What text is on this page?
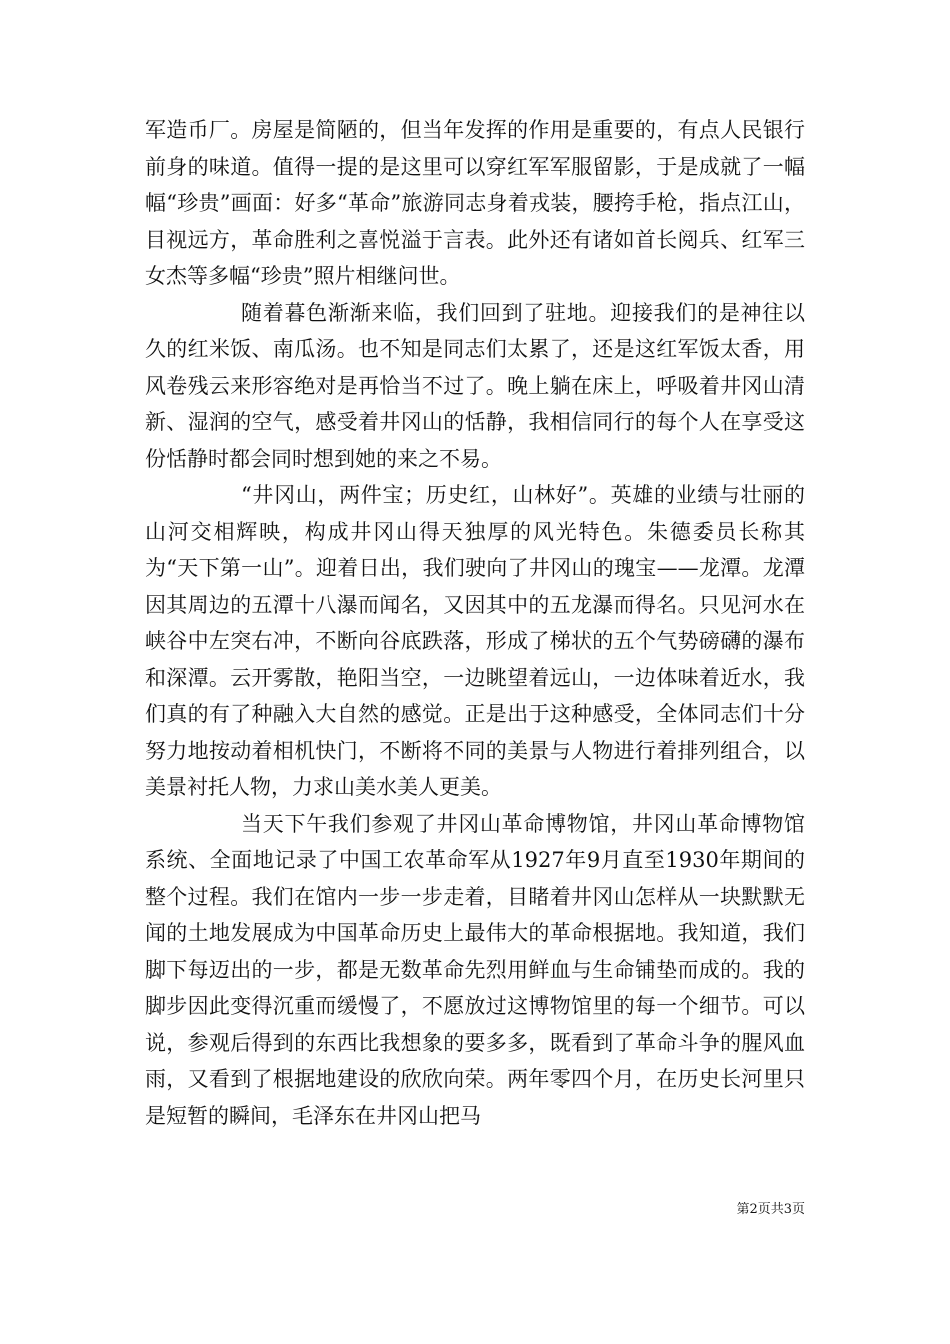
军造币厂。房屋是简陋的，但当年发挥的作用是重要的，有点人民银行前身的味道。值得一提的是这里可以穿红军军服留影，于是成就了一幅幅“珍贵”画面：好多“革命”旅游同志身着戎装，腰挎手枪，指点江山，目视远方，革命胜利之喜悦溢于言表。此外还有诸如首长阅兵、红军三女杰等多幅“珍贵”照片相继问世。

随着暮色渐渐来临，我们回到了驻地。迎接我们的是神往以久的红米饭、南瓜汤。也不知是同志们太累了，还是这红军饭太香，用风卷残云来形容绝对是再恰当不过了。晚上躺在床上，呼吸着井冈山清新、湿润的空气，感受着井冈山的恬静，我相信同行的每个人在享受这份恬静时都会同时想到她的来之不易。

“井冈山，两件宝；历史红，山林好”。英雄的业绩与壮丽的山河交相辉映，构成井冈山得天独厚的风光特色。朱德委员长称其为“天下第一山”。迎着日出，我们驶向了井冈山的瑰宝——龙潭。龙潭因其周边的五潭十八瀑而闻名，又因其中的五龙瀑而得名。只见河水在峡谷中左突右冲，不断向谷底跌落，形成了梯状的五个气势磅礴的瀑布和深潭。云开雾散，艳阳当空，一边眺望着远山，一边体味着近水，我们真的有了种融入大自然的感觉。正是出于这种感受，全体同志们十分努力地按动着相机快门，不断将不同的美景与人物进行着排列组合，以美景衬托人物，力求山美水美人更美。

当天下午我们参观了井冈山革命博物馆，井冈山革命博物馆系统、全面地记录了中国工农革命军从1927年9月直至1930年期间的整个过程。我们在馆内一步一步走着，目睹着井冈山怎样从一块默默无闻的土地发展成为中国革命历史上最伟大的革命根据地。我知道，我们脚下每迈出的一步，都是无数革命先烈用鲜血与生命铺垫而成的。我的脚步因此变得沉重而缓慢了，不愿放过这博物馆里的每一个细节。可以说，参观后得到的东西比我想象的要多多，既看到了革命斗争的腥风血雨，又看到了根据地建设的欣欣向荣。两年零四个月，在历史长河里只是短暂的瞬间，毛泽东在井冈山把马

第2页共3页
